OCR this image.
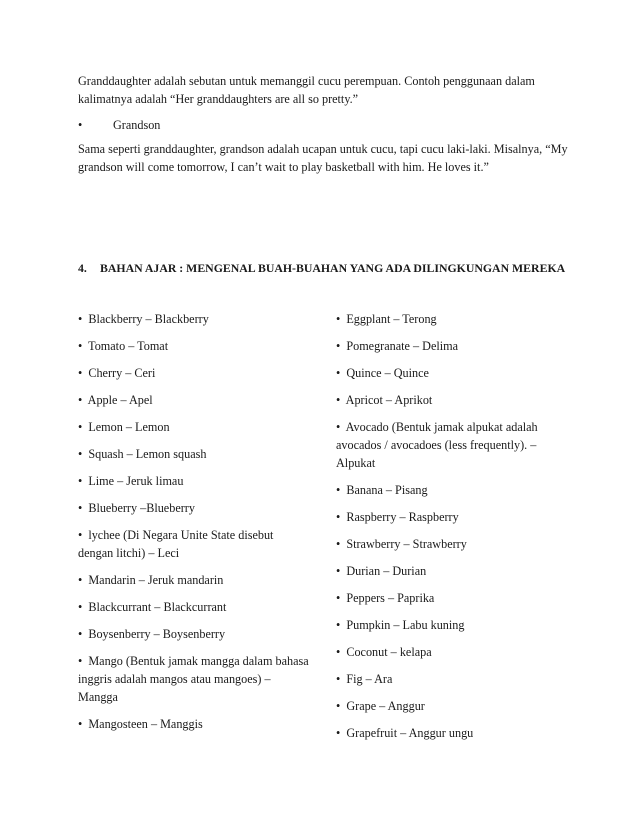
Granddaughter adalah sebutan untuk memanggil cucu perempuan. Contoh penggunaan dalam kalimatnya adalah “Her granddaughters are all so pretty.”

•	Grandson

Sama seperti granddaughter, grandson adalah ucapan untuk cucu, tapi cucu laki-laki. Misalnya, “My grandson will come tomorrow, I can’t wait to play basketball with him. He loves it.”

4. BAHAN AJAR : MENGENAL BUAH-BUAHAN YANG ADA DILINGKUNGAN MEREKA
• Blackberry – Blackberry
• Tomato – Tomat
• Cherry – Ceri
• Apple – Apel
• Lemon – Lemon
• Squash – Lemon squash
• Lime – Jeruk limau
• Blueberry –Blueberry
• lychee (Di Negara Unite State disebut dengan litchi) – Leci
• Mandarin – Jeruk mandarin
• Blackcurrant – Blackcurrant
• Boysenberry – Boysenberry
• Mango (Bentuk jamak mangga dalam bahasa inggris adalah mangos atau mangoes) – Mangga
• Mangosteen – Manggis
• Eggplant – Terong
• Pomegranate – Delima
• Quince – Quince
• Apricot – Aprikot
• Avocado (Bentuk jamak alpukat adalah avocados / avocadoes (less frequently). – Alpukat
• Banana – Pisang
• Raspberry – Raspberry
• Strawberry – Strawberry
• Durian – Durian
• Peppers – Paprika
• Pumpkin – Labu kuning
• Coconut – kelapa
• Fig – Ara
• Grape – Anggur
• Grapefruit – Anggur ungu
